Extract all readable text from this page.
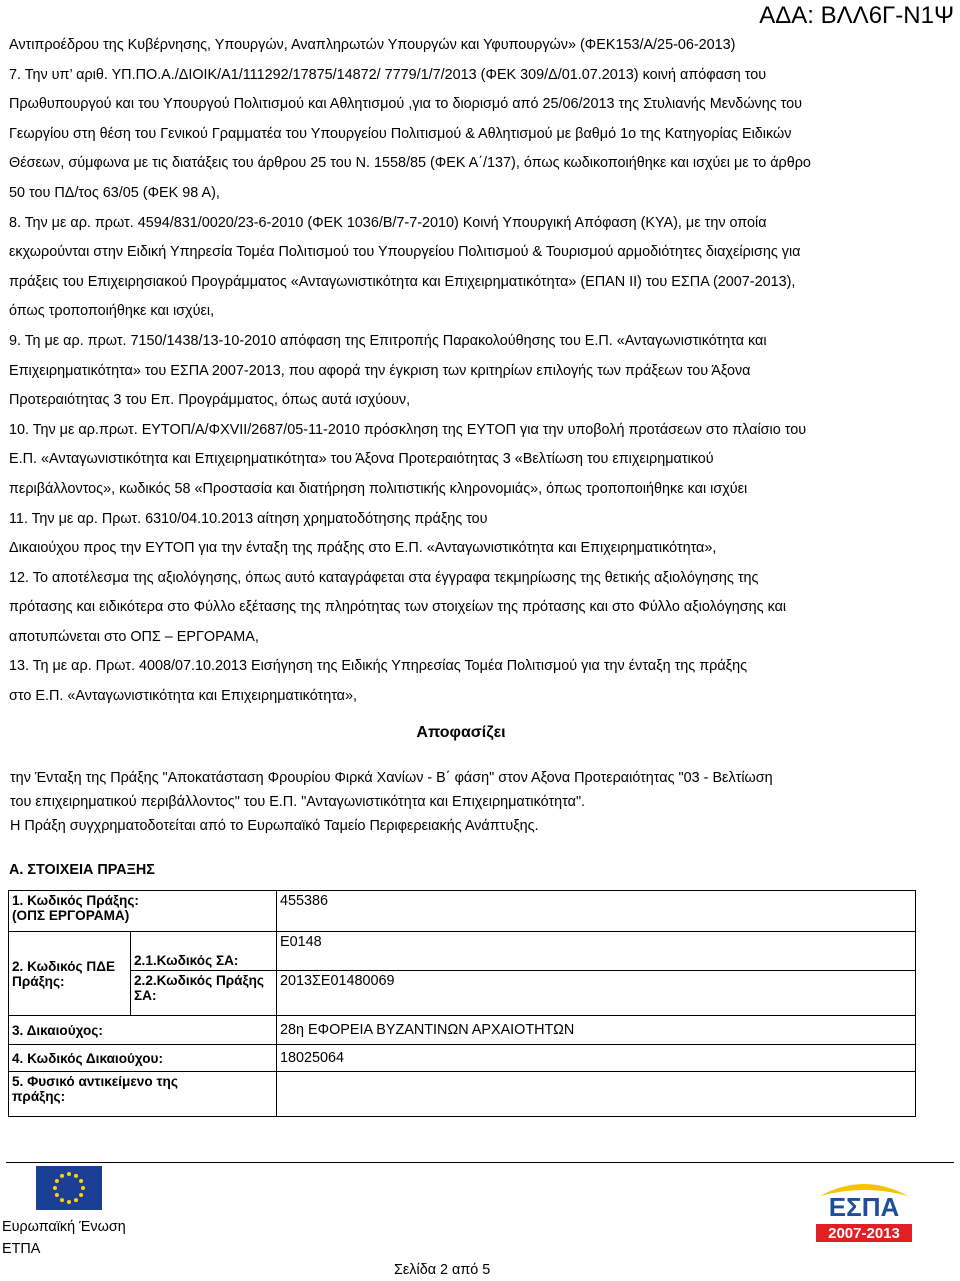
ΑΔΑ: ΒΛΛ6Γ-Ν1Ψ
Αντιπροέδρου της Κυβέρνησης, Υπουργών, Αναπληρωτών Υπουργών και Υφυπουργών» (ΦΕΚ153/Α/25-06-2013)
7. Την υπ’ αριθ. ΥΠ.ΠΟ.Α./ΔΙΟΙΚ/Α1/111292/17875/14872/ 7779/1/7/2013 (ΦΕΚ 309/Δ/01.07.2013) κοινή απόφαση του
Πρωθυπουργού και του Υπουργού Πολιτισμού και Αθλητισμού ,για το διορισμό από 25/06/2013 της Στυλιανής Μενδώνης του
Γεωργίου στη θέση του Γενικού Γραμματέα του Υπουργείου Πολιτισμού & Αθλητισμού με βαθμό 1ο της Κατηγορίας Ειδικών
Θέσεων, σύμφωνα με τις διατάξεις του άρθρου 25 του Ν. 1558/85 (ΦΕΚ Α΄/137), όπως κωδικοποιήθηκε και ισχύει με το άρθρο
50 του ΠΔ/τος 63/05 (ΦΕΚ 98 Α),
8. Την με αρ. πρωτ. 4594/831/0020/23-6-2010 (ΦΕΚ 1036/Β/7-7-2010) Κοινή Υπουργική Απόφαση (ΚΥΑ), με την οποία
εκχωρούνται στην Ειδική Υπηρεσία Τομέα Πολιτισμού του Υπουργείου Πολιτισμού & Τουρισμού αρμοδιότητες διαχείρισης για
πράξεις του Επιχειρησιακού Προγράμματος «Ανταγωνιστικότητα και Επιχειρηματικότητα» (ΕΠΑΝ ΙΙ) του ΕΣΠΑ (2007-2013),
όπως τροποποιήθηκε και ισχύει,
9. Τη με αρ. πρωτ. 7150/1438/13-10-2010 απόφαση της Επιτροπής Παρακολούθησης του Ε.Π. «Ανταγωνιστικότητα και
Επιχειρηματικότητα» του ΕΣΠΑ 2007-2013, που αφορά την έγκριση των κριτηρίων επιλογής των πράξεων του Άξονα
Προτεραιότητας 3 του Επ. Προγράμματος, όπως αυτά ισχύουν,
10. Την με αρ.πρωτ. ΕΥΤΟΠ/Α/ΦΧVΙΙ/2687/05-11-2010 πρόσκληση της ΕΥΤΟΠ για την υποβολή προτάσεων στο πλαίσιο του
Ε.Π. «Ανταγωνιστικότητα και Επιχειρηματικότητα» του Άξονα Προτεραιότητας 3 «Βελτίωση του επιχειρηματικού
περιβάλλοντος», κωδικός 58 «Προστασία και διατήρηση πολιτιστικής κληρονομιάς», όπως τροποποιήθηκε και ισχύει
11. Την με αρ. Πρωτ. 6310/04.10.2013 αίτηση χρηματοδότησης πράξης του
Δικαιούχου προς την ΕΥΤΟΠ για την ένταξη της πράξης στο Ε.Π. «Ανταγωνιστικότητα και Επιχειρηματικότητα»,
12. Το αποτέλεσμα της αξιολόγησης, όπως αυτό καταγράφεται στα έγγραφα τεκμηρίωσης της θετικής αξιολόγησης της
πρότασης και ειδικότερα στο Φύλλο εξέτασης της πληρότητας των στοιχείων της πρότασης και στο Φύλλο αξιολόγησης και
αποτυπώνεται στο ΟΠΣ – ΕΡΓΟΡΑΜΑ,
13. Τη με αρ. Πρωτ. 4008/07.10.2013 Εισήγηση της Ειδικής Υπηρεσίας Τομέα Πολιτισμού για την ένταξη της πράξης
στο Ε.Π. «Ανταγωνιστικότητα και Επιχειρηματικότητα»,
Αποφασίζει
την Ένταξη της Πράξης "Αποκατάσταση Φρουρίου Φιρκά Χανίων - Β΄ φάση" στον Αξονα Προτεραιότητας "03 - Βελτίωση
του επιχειρηματικού περιβάλλοντος" του Ε.Π. "Ανταγωνιστικότητα και Επιχειρηματικότητα".
Η Πράξη συγχρηματοδοτείται από το Ευρωπαϊκό Ταμείο Περιφερειακής Ανάπτυξης.
Α. ΣΤΟΙΧΕΙΑ ΠΡΑΞΗΣ
1. Κωδικός Πράξης:
(ΟΠΣ ΕΡΓΟΡΑΜΑ)		455386

2. Κωδικός ΠΔΕ
Πράξης:	2.1.Κωδικός ΣΑ:	Ε0148

	2.2.Κωδικός Πράξης
ΣΑ:	2013ΣΕ01480069
3. Δικαιούχος:		28η ΕΦΟΡΕΙΑ ΒΥΖΑΝΤΙΝΩΝ ΑΡΧΑΙΟΤΗΤΩΝ
4. Κωδικός Δικαιούχου:		18025064

5. Φυσικό αντικείμενο της
πράξης:		

Ευρωπαϊκή Ένωση
ΕΤΠΑ
ΕΣΠΑ
2007-2013
Σελίδα 2 από 5
